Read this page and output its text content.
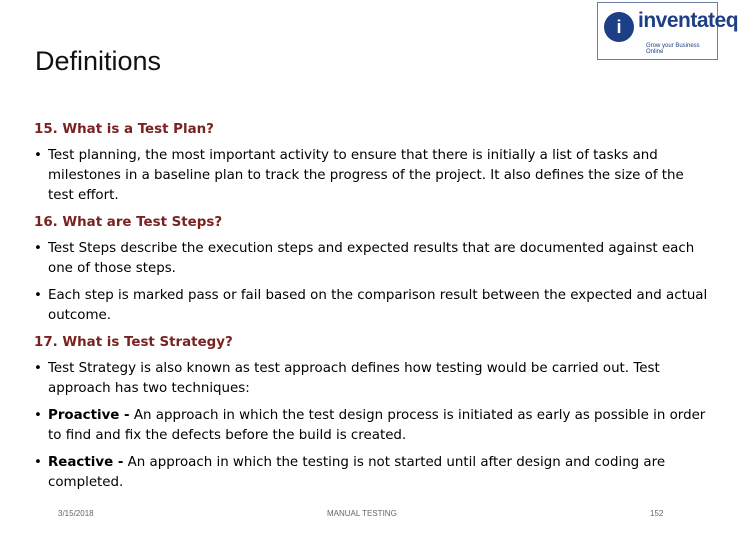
Definitions
i inventateq
Grow your Business Online
15. What is a Test Plan?
• Test planning, the most important activity to ensure that there is initially a list of tasks and milestones in a baseline plan to track the progress of the project. It also defines the size of the test effort.
16. What are Test Steps?
• Test Steps describe the execution steps and expected results that are documented against each one of those steps.
• Each step is marked pass or fail based on the comparison result between the expected and actual outcome.
17. What is Test Strategy?
• Test Strategy is also known as test approach defines how testing would be carried out. Test approach has two techniques:
• Proactive - An approach in which the test design process is initiated as early as possible in order to find and fix the defects before the build is created.
• Reactive - An approach in which the testing is not started until after design and coding are completed.
3/15/2018	MANUAL TESTING	152
